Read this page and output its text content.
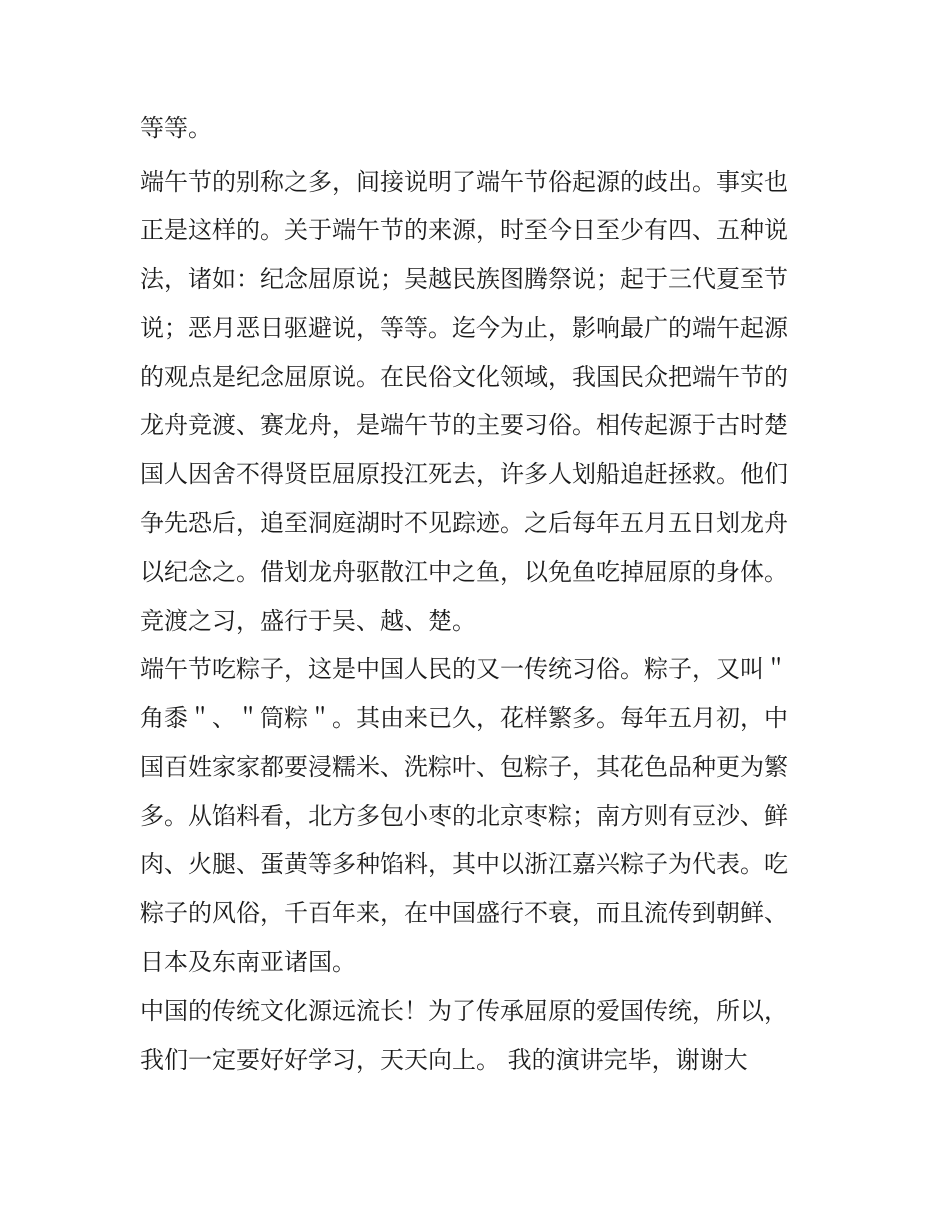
等等。
端午节的别称之多，间接说明了端午节俗起源的歧出。事实也
正是这样的。关于端午节的来源，时至今日至少有四、五种说
法，诸如：纪念屈原说；吴越民族图腾祭说；起于三代夏至节
说；恶月恶日驱避说，等等。迄今为止，影响最广的端午起源
的观点是纪念屈原说。在民俗文化领域，我国民众把端午节的
龙舟竞渡、赛龙舟，是端午节的主要习俗。相传起源于古时楚
国人因舍不得贤臣屈原投江死去，许多人划船追赶拯救。他们
争先恐后，追至洞庭湖时不见踪迹。之后每年五月五日划龙舟
以纪念之。借划龙舟驱散江中之鱼，以免鱼吃掉屈原的身体。
竞渡之习，盛行于吴、越、楚。
端午节吃粽子，这是中国人民的又一传统习俗。粽子，又叫＂
角黍＂、＂筒粽＂。其由来已久，花样繁多。每年五月初，中
国百姓家家都要浸糯米、洗粽叶、包粽子，其花色品种更为繁
多。从馅料看，北方多包小枣的北京枣粽；南方则有豆沙、鲜
肉、火腿、蛋黄等多种馅料，其中以浙江嘉兴粽子为代表。吃
粽子的风俗，千百年来，在中国盛行不衰，而且流传到朝鲜、
日本及东南亚诸国。
中国的传统文化源远流长！为了传承屈原的爱国传统，所以，
我们一定要好好学习，天天向上。 我的演讲完毕，谢谢大
